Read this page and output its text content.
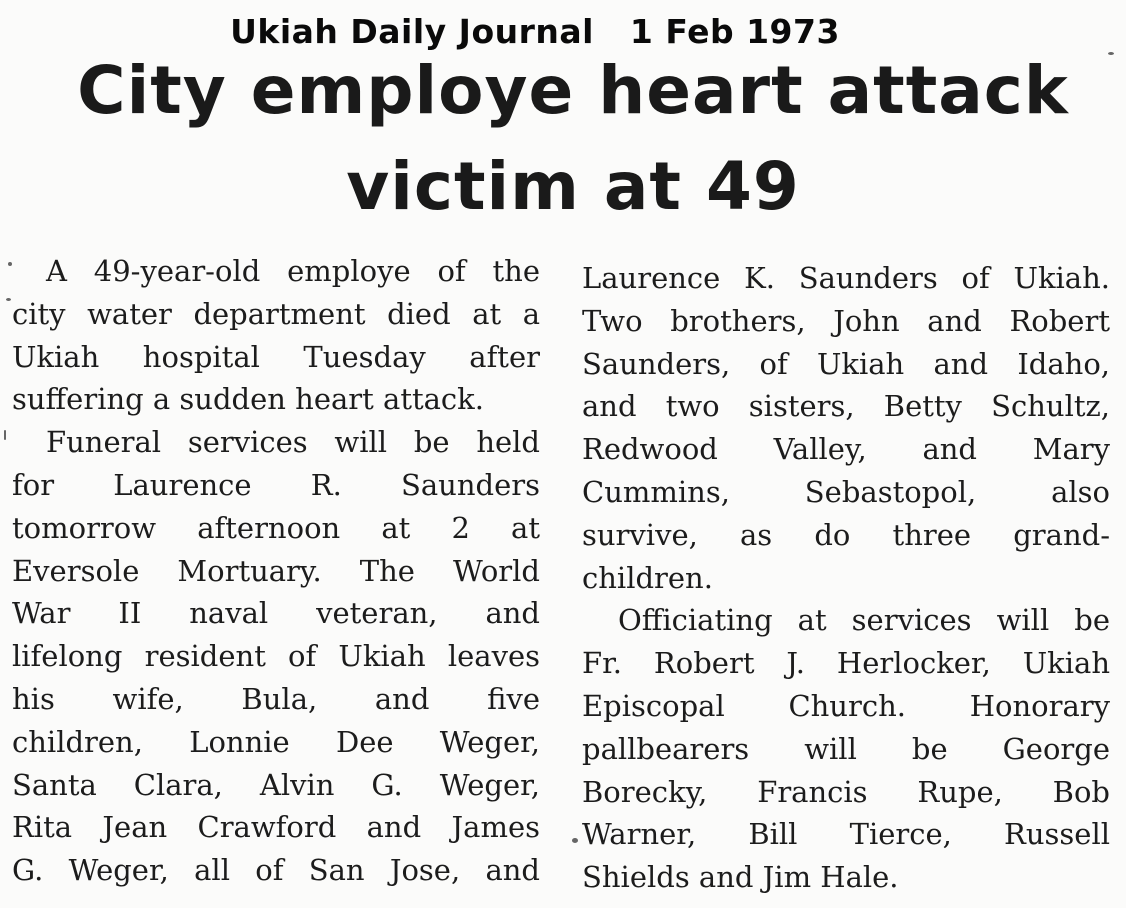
Ukiah Daily Journal   1 Feb 1973
City employe heart attack
victim at 49
A 49-year-old employe of the
city water department died at a
Ukiah hospital Tuesday after
suffering a sudden heart attack.
Funeral services will be held
for Laurence R. Saunders
tomorrow afternoon at 2 at
Eversole Mortuary. The World
War II naval veteran, and
lifelong resident of Ukiah leaves
his wife, Bula, and five
children, Lonnie Dee Weger,
Santa Clara, Alvin G. Weger,
Rita Jean Crawford and James
G. Weger, all of San Jose, and
Laurence K. Saunders of Ukiah.
Two brothers, John and Robert
Saunders, of Ukiah and Idaho,
and two sisters, Betty Schultz,
Redwood Valley, and Mary
Cummins, Sebastopol, also
survive, as do three grand-
children.
Officiating at services will be
Fr. Robert J. Herlocker, Ukiah
Episcopal Church. Honorary
pallbearers will be George
Borecky, Francis Rupe, Bob
Warner, Bill Tierce, Russell
Shields and Jim Hale.
